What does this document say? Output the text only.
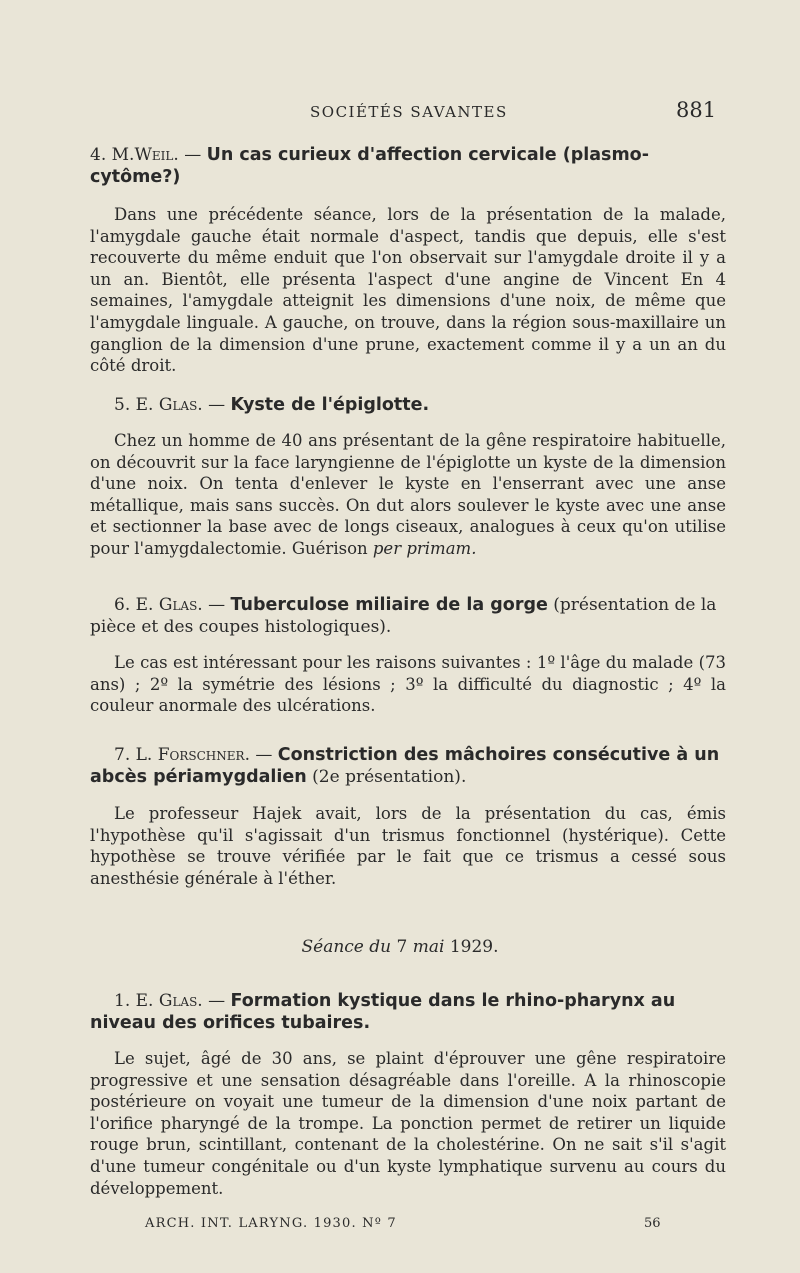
SOCIÉTÉS SAVANTES	881
4. M.Weil. — Un cas curieux d'affection cervicale (plasmo-cytôme?)
Dans une précédente séance, lors de la présentation de la malade, l'amygdale gauche était normale d'aspect, tandis que depuis, elle s'est recouverte du même enduit que l'on observait sur l'amygdale droite il y a un an. Bientôt, elle présenta l'aspect d'une angine de Vincent En 4 semaines, l'amygdale atteignit les dimensions d'une noix, de même que l'amygdale linguale. A gauche, on trouve, dans la région sous-maxillaire un ganglion de la dimension d'une prune, exactement comme il y a un an du côté droit.
5. E. Glas. — Kyste de l'épiglotte.
Chez un homme de 40 ans présentant de la gêne respiratoire habituelle, on découvrit sur la face laryngienne de l'épiglotte un kyste de la dimension d'une noix. On tenta d'enlever le kyste en l'enserrant avec une anse métallique, mais sans succès. On dut alors soulever le kyste avec une anse et sectionner la base avec de longs ciseaux, analogues à ceux qu'on utilise pour l'amygdalectomie. Guérison per primam.
6. E. Glas. — Tuberculose miliaire de la gorge (présentation de la pièce et des coupes histologiques).
Le cas est intéressant pour les raisons suivantes : 1º l'âge du malade (73 ans) ; 2º la symétrie des lésions ; 3º la difficulté du diagnostic ; 4º la couleur anormale des ulcérations.
7. L. Forschner. — Constriction des mâchoires consécutive à un abcès périamygdalien (2e présentation).
Le professeur Hajek avait, lors de la présentation du cas, émis l'hypothèse qu'il s'agissait d'un trismus fonctionnel (hystérique). Cette hypothèse se trouve vérifiée par le fait que ce trismus a cessé sous anesthésie générale à l'éther.
Séance du 7 mai 1929.
1. E. Glas. — Formation kystique dans le rhino-pharynx au niveau des orifices tubaires.
Le sujet, âgé de 30 ans, se plaint d'éprouver une gêne respiratoire progressive et une sensation désagréable dans l'oreille. A la rhinoscopie postérieure on voyait une tumeur de la dimension d'une noix partant de l'orifice pharyngé de la trompe. La ponction permet de retirer un liquide rouge brun, scintillant, contenant de la cholestérine. On ne sait s'il s'agit d'une tumeur congénitale ou d'un kyste lymphatique survenu au cours du développement.
ARCH. INT. LARYNG. 1930. Nº 7	56
